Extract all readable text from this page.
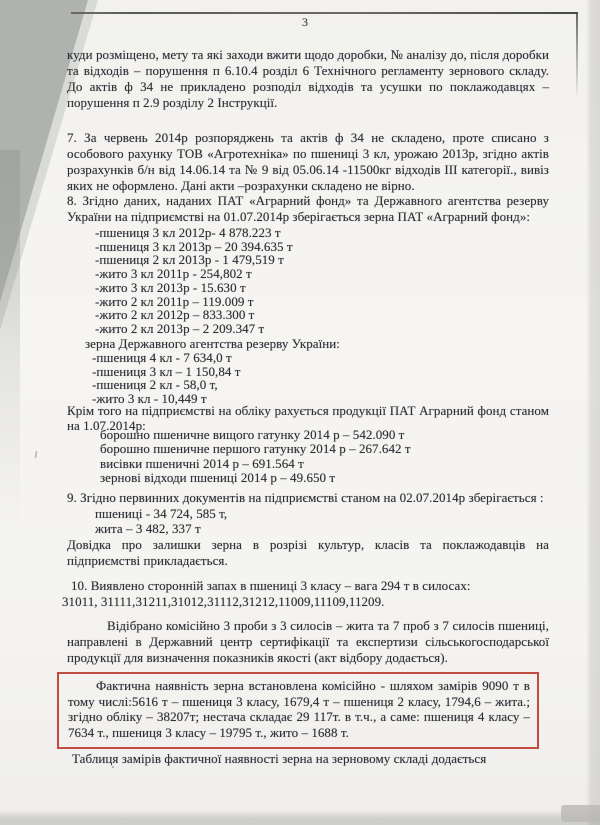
3
куди розміщено, мету та які заходи вжити щодо доробки, № аналізу до, після доробки та відходів – порушення п 6.10.4 розділ 6 Технічного регламенту зернового складу. До актів ф 34 не прикладено розподіл відходів та усушки по поклажодавцях – порушення п 2.9 розділу 2 Інструкції.
7. За червень 2014р розпоряджень та актів ф 34 не складено, проте списано з особового рахунку ТОВ «Агротехніка» по пшениці 3 кл, урожаю 2013р, згідно актів розрахунків б/н від 14.06.14 та № 9 від 05.06.14 -11500кг відходів ІІІ категорії., вивіз яких не оформлено. Дані акти –розрахунки складено не вірно.
8. Згідно даних, наданих ПАТ «Аграрний фонд» та Державного агентства резерву України на підприємстві на 01.07.2014р зберігається зерна ПАТ «Аграрний фонд»:
-пшениця 3 кл 2012р- 4 878.223 т
-пшениця 3 кл 2013р – 20 394.635 т
-пшениця 2 кл 2013р - 1 479,519 т
-жито 3 кл 2011р - 254,802 т
-жито 3 кл 2013р - 15.630 т
-жито 2 кл 2011р – 119.009 т
-жито 2 кл 2012р – 833.300 т
-жито 2 кл 2013р – 2 209.347 т
зерна Державного агентства резерву України:
-пшениця 4 кл - 7 634,0 т
-пшениця 3 кл – 1 150,84 т
-пшениця 2 кл - 58,0 т,
-жито 3 кл - 10,449 т
Крім того на підприємстві на обліку рахується продукції ПАТ Аграрний фонд станом на 1.07.2014р:
борошно пшеничне вищого гатунку 2014 р – 542.090 т
борошно пшеничне першого гатунку 2014 р – 267.642 т
висівки пшеничні 2014 р – 691.564 т
зернові відходи пшениці 2014 р – 49.650 т
9. Згідно первинних документів на підприємстві станом на 02.07.2014р зберігається :
пшениці - 34 724, 585 т,
жита – 3 482, 337 т
Довідка про залишки зерна в розрізі культур, класів та поклажодавців на підприємстві прикладається.
10. Виявлено сторонній запах в пшениці 3 класу – вага 294 т в силосах:
31011, 31111,31211,31012,31112,31212,11009,11109,11209.
Відібрано комісійно 3 проби з 3 силосів – жита та 7 проб з 7 силосів пшениці, направлені в Державний центр сертифікації та експертизи сільськогосподарської продукції для визначення показників якості (акт відбору додається).
Фактична наявність зерна встановлена комісійно - шляхом замірів 9090 т в тому числі:5616 т – пшениця 3 класу, 1679,4 т – пшениця 2 класу, 1794,6 – жита.; згідно обліку – 38207т; нестача складає 29 117т. в т.ч., а саме: пшениця 4 класу – 7634 т., пшениця 3 класу – 19795 т., жито – 1688 т.
Таблиця замірів фактичної наявності зерна на зерновому складі додається
